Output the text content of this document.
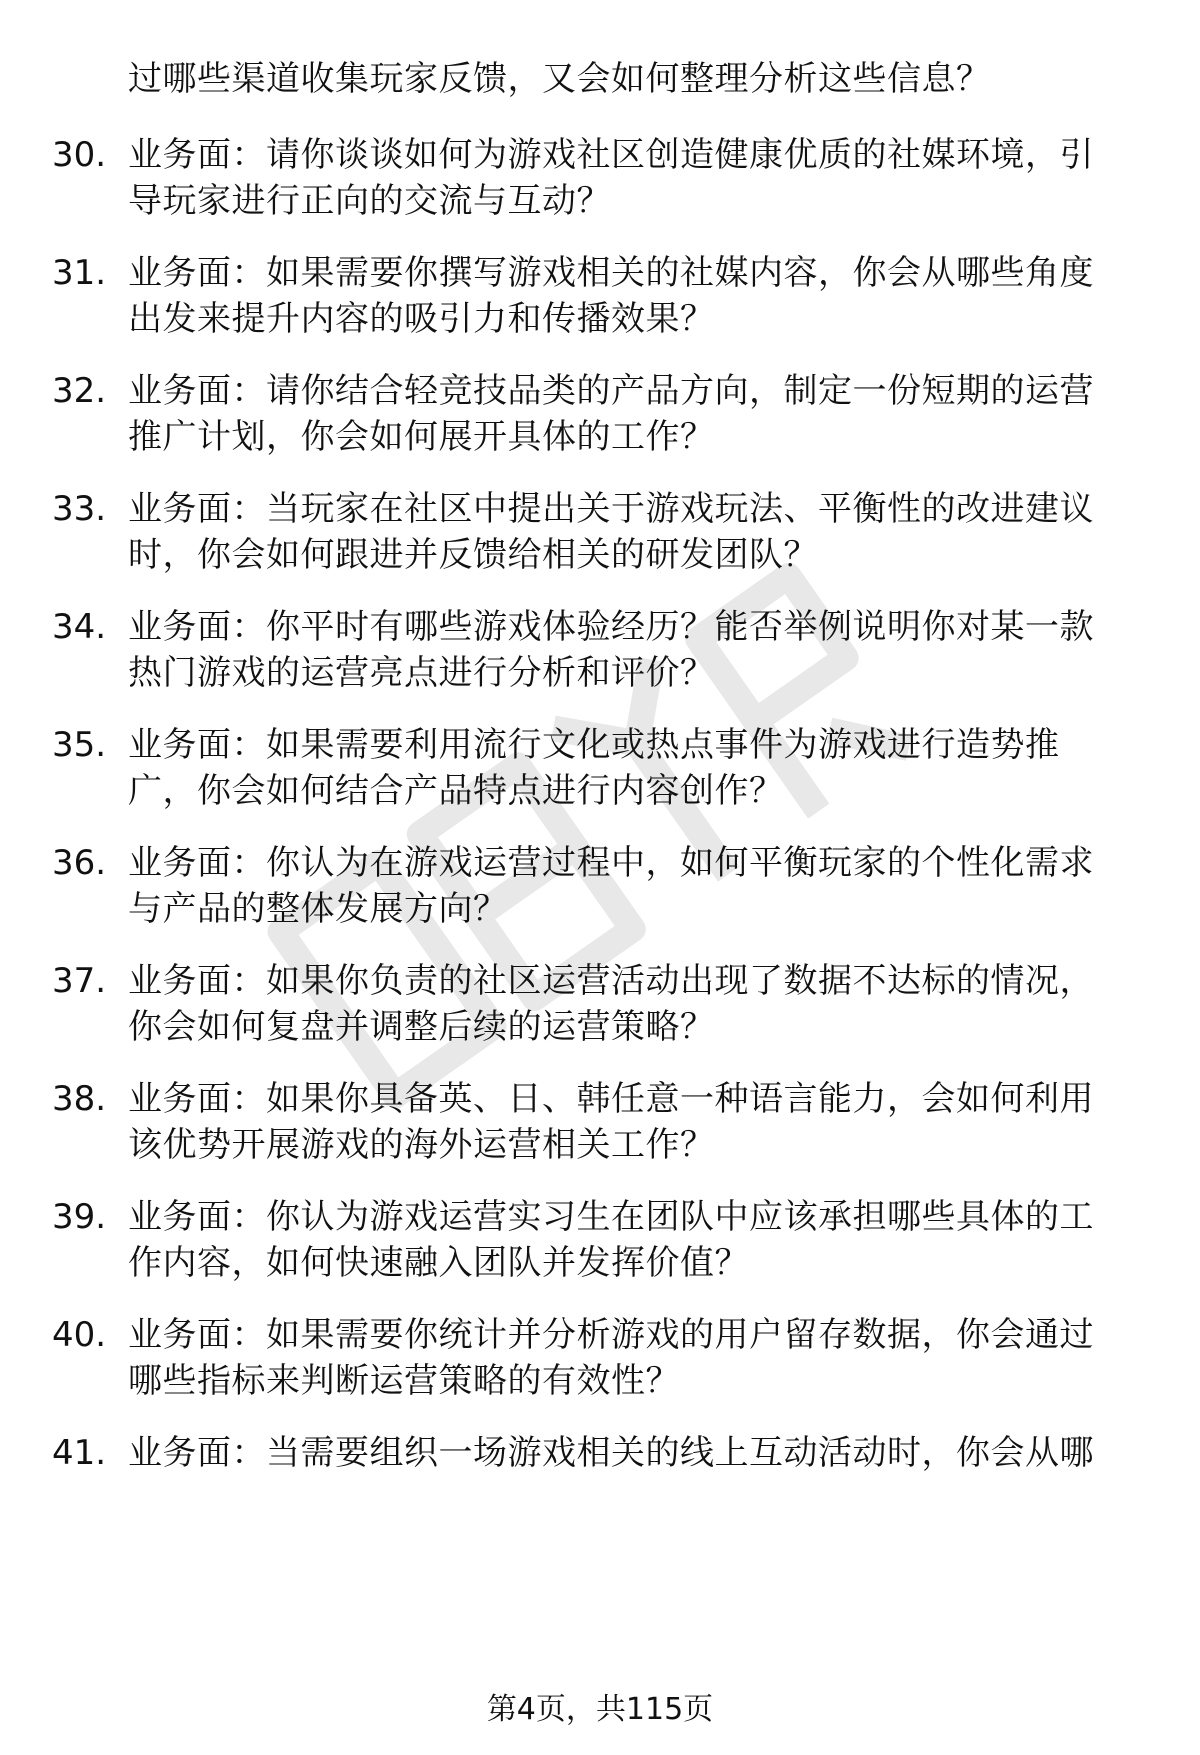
过哪些渠道收集玩家反馈，又会如何整理分析这些信息？
30. 业务面：请你谈谈如何为游戏社区创造健康优质的社媒环境，引
导玩家进行正向的交流与互动？
31. 业务面：如果需要你撰写游戏相关的社媒内容，你会从哪些角度
出发来提升内容的吸引力和传播效果？
32. 业务面：请你结合轻竞技品类的产品方向，制定一份短期的运营
推广计划，你会如何展开具体的工作？
33. 业务面：当玩家在社区中提出关于游戏玩法、平衡性的改进建议
时，你会如何跟进并反馈给相关的研发团队？
34. 业务面：你平时有哪些游戏体验经历？能否举例说明你对某一款
热门游戏的运营亮点进行分析和评价？
35. 业务面：如果需要利用流行文化或热点事件为游戏进行造势推
广，你会如何结合产品特点进行内容创作？
36. 业务面：你认为在游戏运营过程中，如何平衡玩家的个性化需求
与产品的整体发展方向？
37. 业务面：如果你负责的社区运营活动出现了数据不达标的情况，
你会如何复盘并调整后续的运营策略？
38. 业务面：如果你具备英、日、韩任意一种语言能力，会如何利用
该优势开展游戏的海外运营相关工作？
39. 业务面：你认为游戏运营实习生在团队中应该承担哪些具体的工
作内容，如何快速融入团队并发挥价值？
40. 业务面：如果需要你统计并分析游戏的用户留存数据，你会通过
哪些指标来判断运营策略的有效性？
41. 业务面：当需要组织一场游戏相关的线上互动活动时，你会从哪
第4页，共115页
